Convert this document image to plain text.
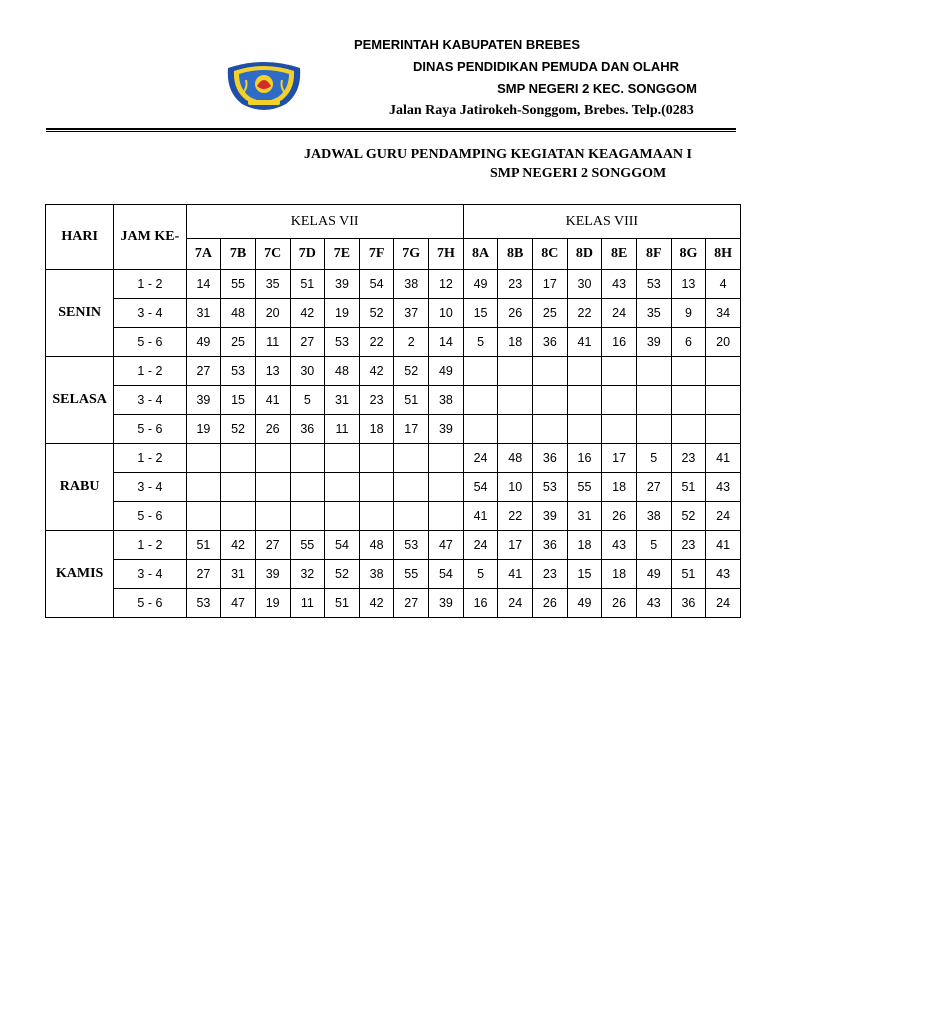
PEMERINTAH KABUPATEN BREBES
DINAS PENDIDIKAN PEMUDA DAN OLAHR
SMP NEGERI 2 KEC. SONGGOM
Jalan Raya Jatirokeh-Songgom, Brebes. Telp.(0283
JADWAL GURU PENDAMPING KEGIATAN KEAGAMAAN I
SMP NEGERI 2 SONGGOM
HARI	JAM KE-	KELAS VII								KELAS VIII							
		7A	7B	7C	7D	7E	7F	7G	7H	8A	8B	8C	8D	8E	8F	8G	8H
SENIN	1 - 2	14	55	35	51	39	54	38	12	49	23	17	30	43	53	13	4
	3 - 4	31	48	20	42	19	52	37	10	15	26	25	22	24	35	9	34
	5 - 6	49	25	11	27	53	22	2	14	5	18	36	41	16	39	6	20
SELASA	1 - 2	27	53	13	30	48	42	52	49								
	3 - 4	39	15	41	5	31	23	51	38								
	5 - 6	19	52	26	36	11	18	17	39								
RABU	1 - 2									24	48	36	16	17	5	23	41
	3 - 4									54	10	53	55	18	27	51	43
	5 - 6									41	22	39	31	26	38	52	24
KAMIS	1 - 2	51	42	27	55	54	48	53	47	24	17	36	18	43	5	23	41
	3 - 4	27	31	39	32	52	38	55	54	5	41	23	15	18	49	51	43
	5 - 6	53	47	19	11	51	42	27	39	16	24	26	49	26	43	36	24
